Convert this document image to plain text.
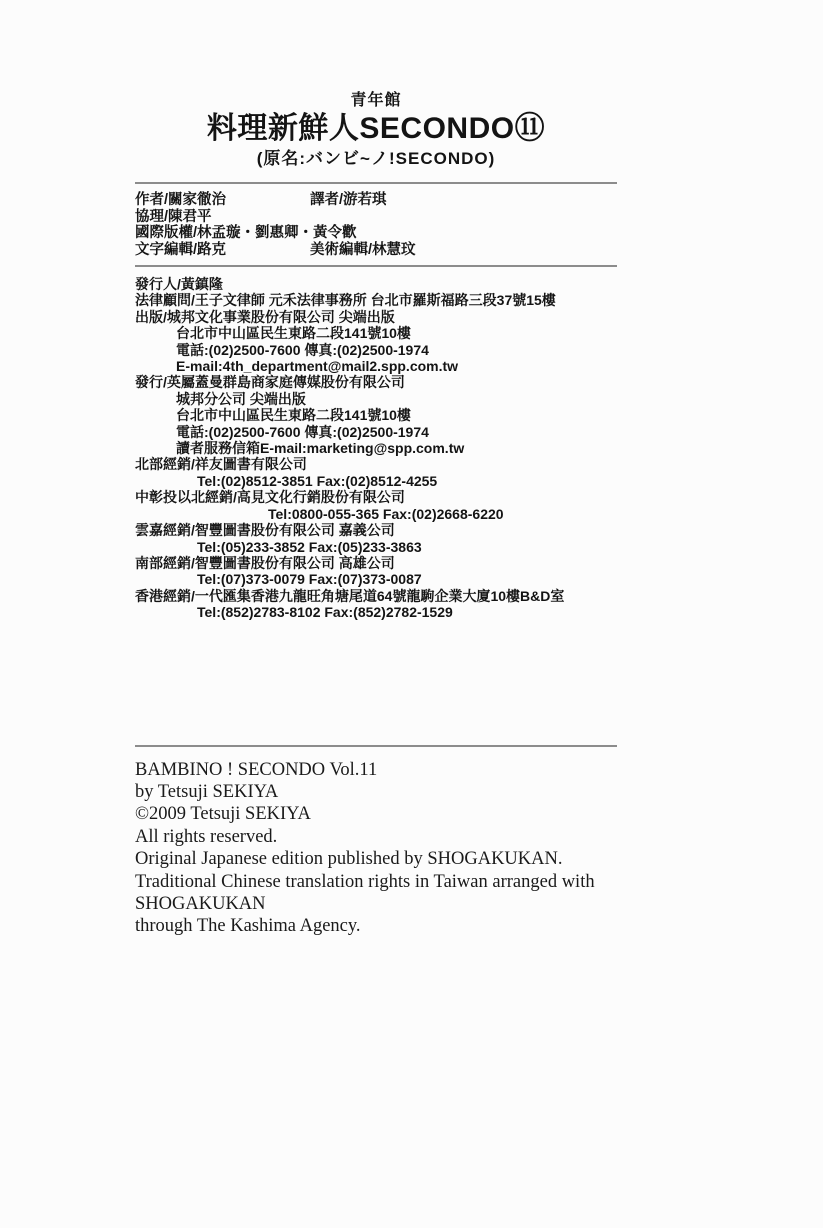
青年館
料理新鮮人SECONDO⑪
(原名:バンビ~ノ!SECONDO)
作者/關家徹治	譯者/游若琪
協理/陳君平
國際版權/林孟璇・劉惠卿・黃令歡
文字編輯/路克	美術編輯/林慧玟
發行人/黃鎮隆
法律顧問/王子文律師 元禾法律事務所 台北市羅斯福路三段37號15樓
出版/城邦文化事業股份有限公司 尖端出版
台北市中山區民生東路二段141號10樓
電話:(02)2500-7600 傳真:(02)2500-1974
E-mail:4th_department@mail2.spp.com.tw
發行/英屬蓋曼群島商家庭傳媒股份有限公司
城邦分公司 尖端出版
台北市中山區民生東路二段141號10樓
電話:(02)2500-7600 傳真:(02)2500-1974
讀者服務信箱E-mail:marketing@spp.com.tw
北部經銷/祥友圖書有限公司
Tel:(02)8512-3851 Fax:(02)8512-4255
中彰投以北經銷/高見文化行銷股份有限公司
Tel:0800-055-365 Fax:(02)2668-6220
雲嘉經銷/智豐圖書股份有限公司 嘉義公司
Tel:(05)233-3852 Fax:(05)233-3863
南部經銷/智豐圖書股份有限公司 高雄公司
Tel:(07)373-0079 Fax:(07)373-0087
香港經銷/一代匯集香港九龍旺角塘尾道64號龍駒企業大廈10樓B&D室
Tel:(852)2783-8102 Fax:(852)2782-1529
BAMBINO ! SECONDO Vol.11
by Tetsuji SEKIYA
©2009 Tetsuji SEKIYA
All rights reserved.
Original Japanese edition published by SHOGAKUKAN.
Traditional Chinese translation rights in Taiwan arranged with SHOGAKUKAN
through The Kashima Agency.
